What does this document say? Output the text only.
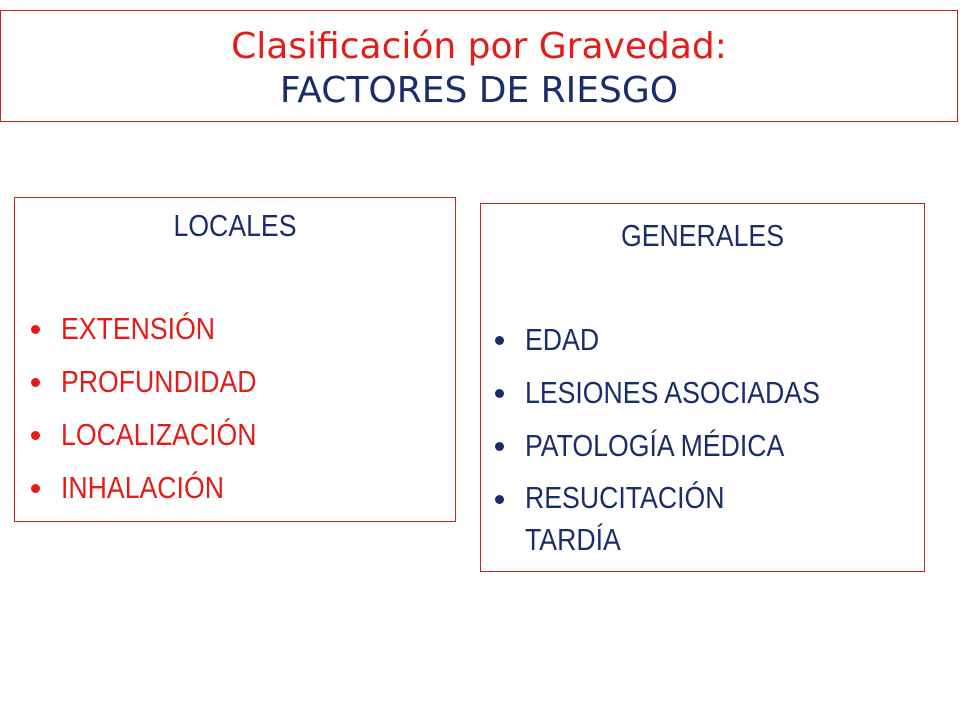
Clasificación por Gravedad:
FACTORES DE RIESGO
LOCALES
EXTENSIÓN
PROFUNDIDAD
LOCALIZACIÓN
INHALACIÓN
GENERALES
EDAD
LESIONES ASOCIADAS
PATOLOGÍA MÉDICA
RESUCITACIÓN TARDÍA
